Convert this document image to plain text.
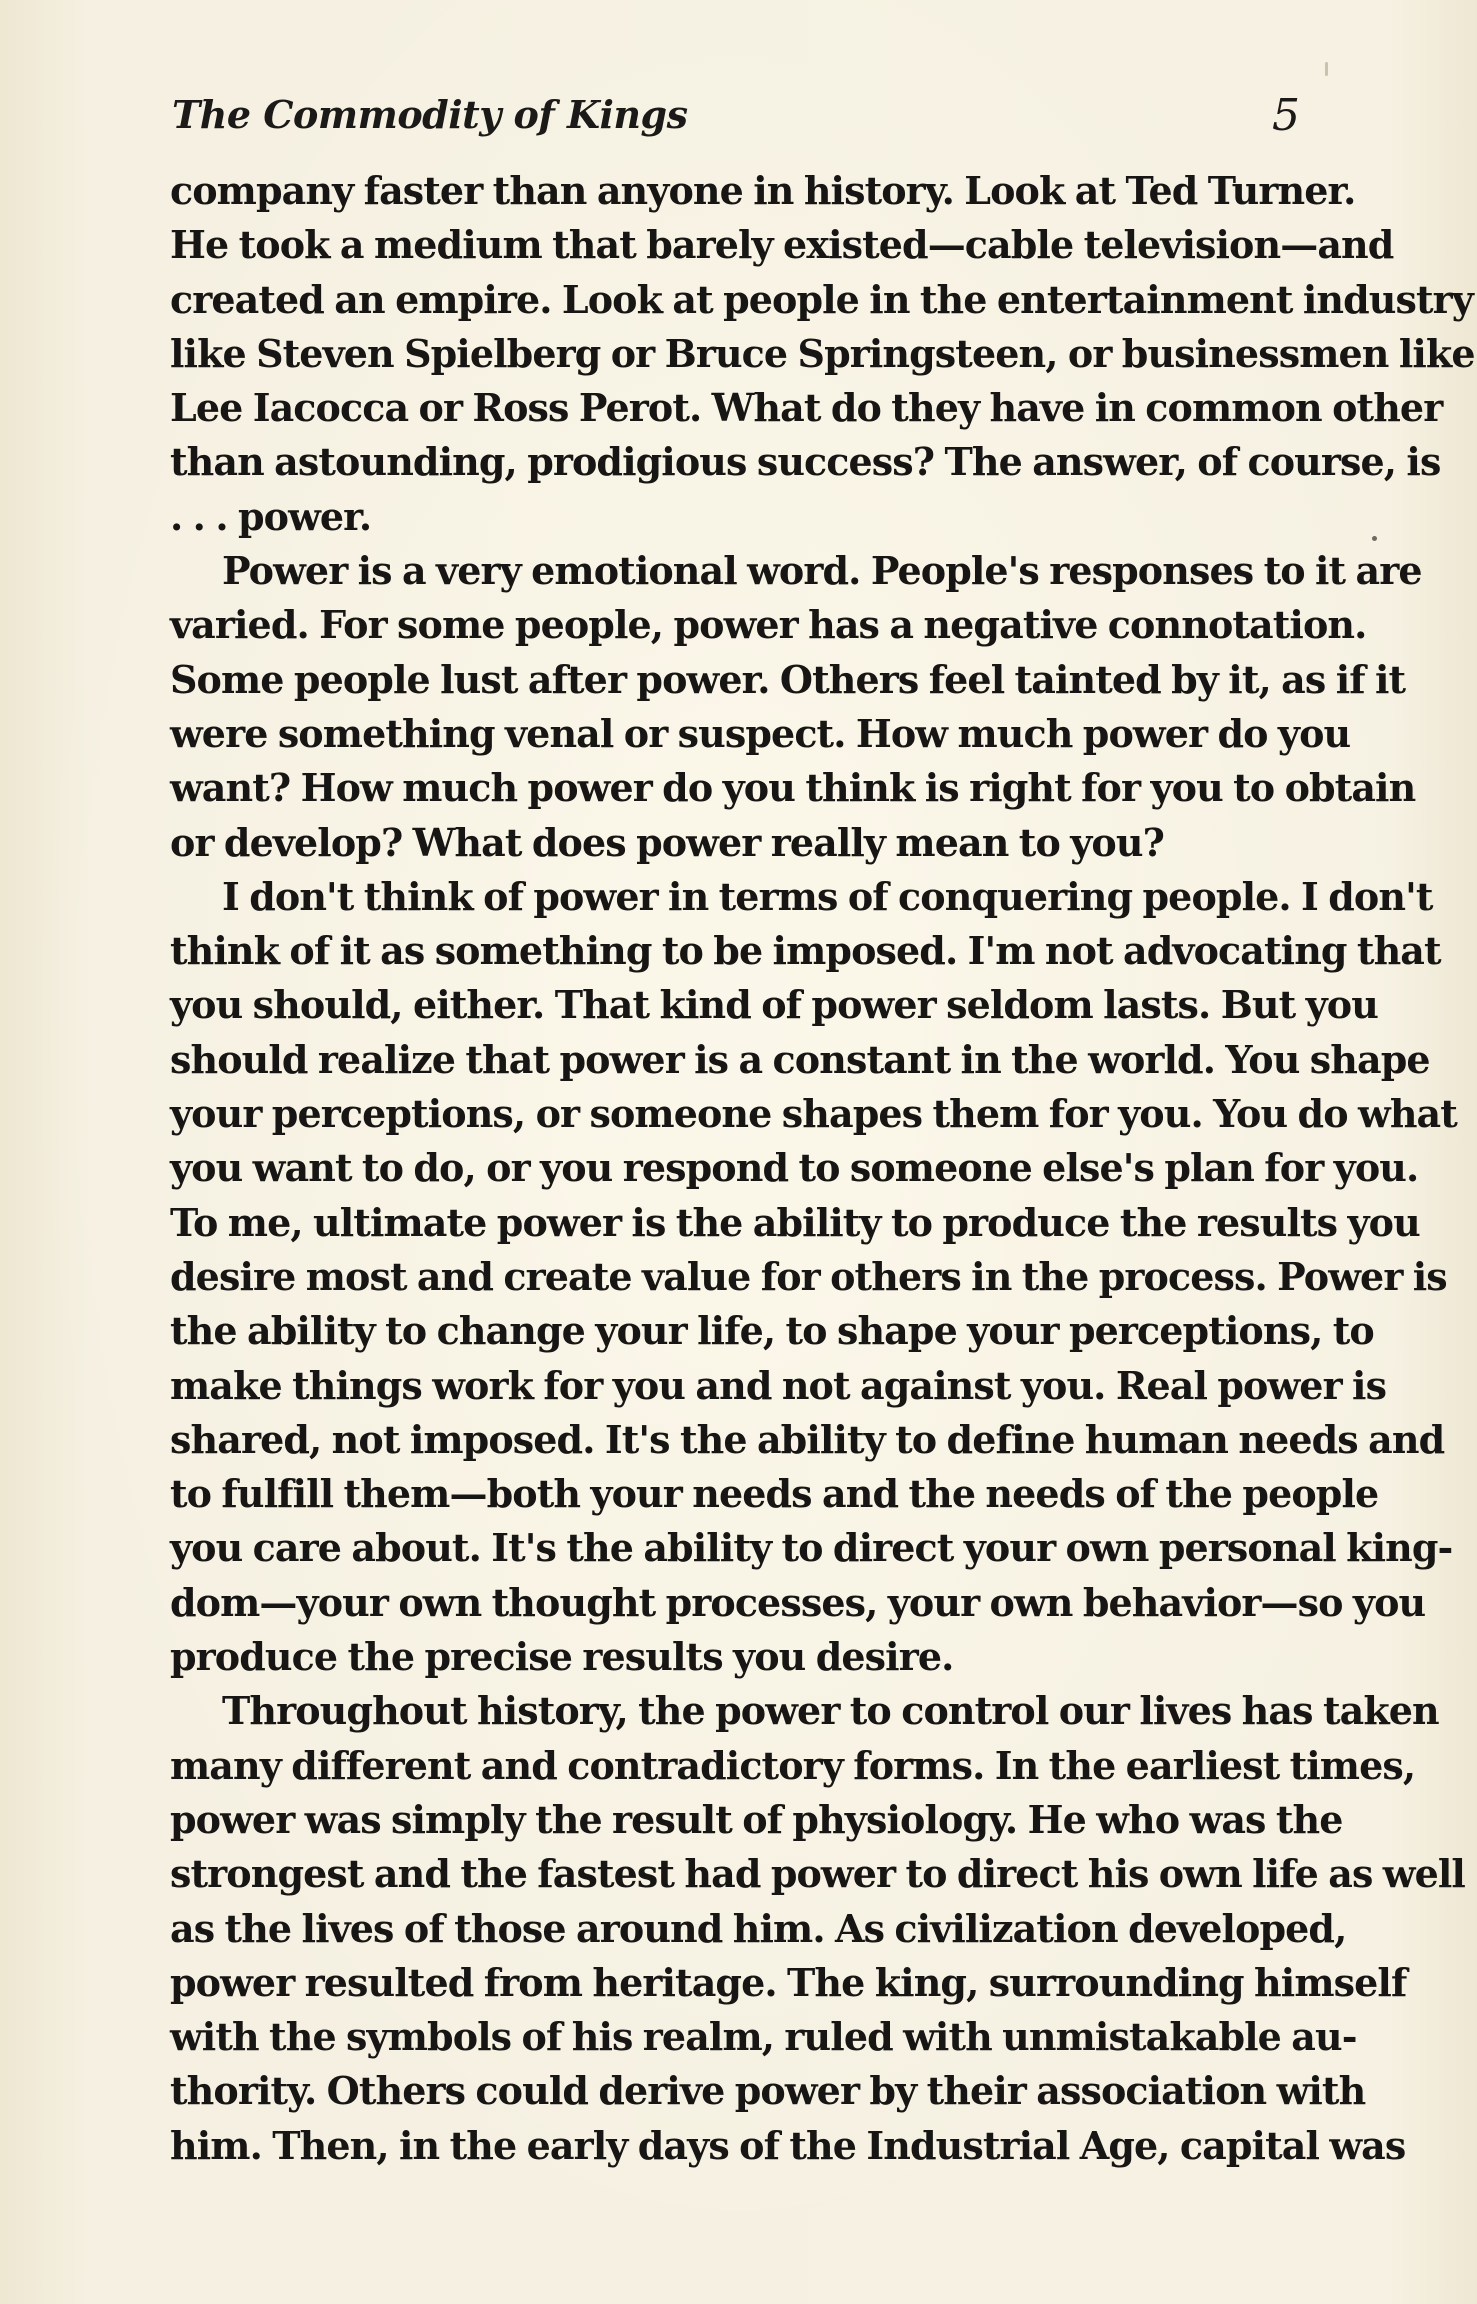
The Commodity of Kings	5
company faster than anyone in history. Look at Ted Turner.
He took a medium that barely existed—cable television—and
created an empire. Look at people in the entertainment industry
like Steven Spielberg or Bruce Springsteen, or businessmen like
Lee Iacocca or Ross Perot. What do they have in common other
than astounding, prodigious success? The answer, of course, is
. . . power.
Power is a very emotional word. People's responses to it are
varied. For some people, power has a negative connotation.
Some people lust after power. Others feel tainted by it, as if it
were something venal or suspect. How much power do you
want? How much power do you think is right for you to obtain
or develop? What does power really mean to you?
I don't think of power in terms of conquering people. I don't
think of it as something to be imposed. I'm not advocating that
you should, either. That kind of power seldom lasts. But you
should realize that power is a constant in the world. You shape
your perceptions, or someone shapes them for you. You do what
you want to do, or you respond to someone else's plan for you.
To me, ultimate power is the ability to produce the results you
desire most and create value for others in the process. Power is
the ability to change your life, to shape your perceptions, to
make things work for you and not against you. Real power is
shared, not imposed. It's the ability to define human needs and
to fulfill them—both your needs and the needs of the people
you care about. It's the ability to direct your own personal king-
dom—your own thought processes, your own behavior—so you
produce the precise results you desire.
Throughout history, the power to control our lives has taken
many different and contradictory forms. In the earliest times,
power was simply the result of physiology. He who was the
strongest and the fastest had power to direct his own life as well
as the lives of those around him. As civilization developed,
power resulted from heritage. The king, surrounding himself
with the symbols of his realm, ruled with unmistakable au-
thority. Others could derive power by their association with
him. Then, in the early days of the Industrial Age, capital was
